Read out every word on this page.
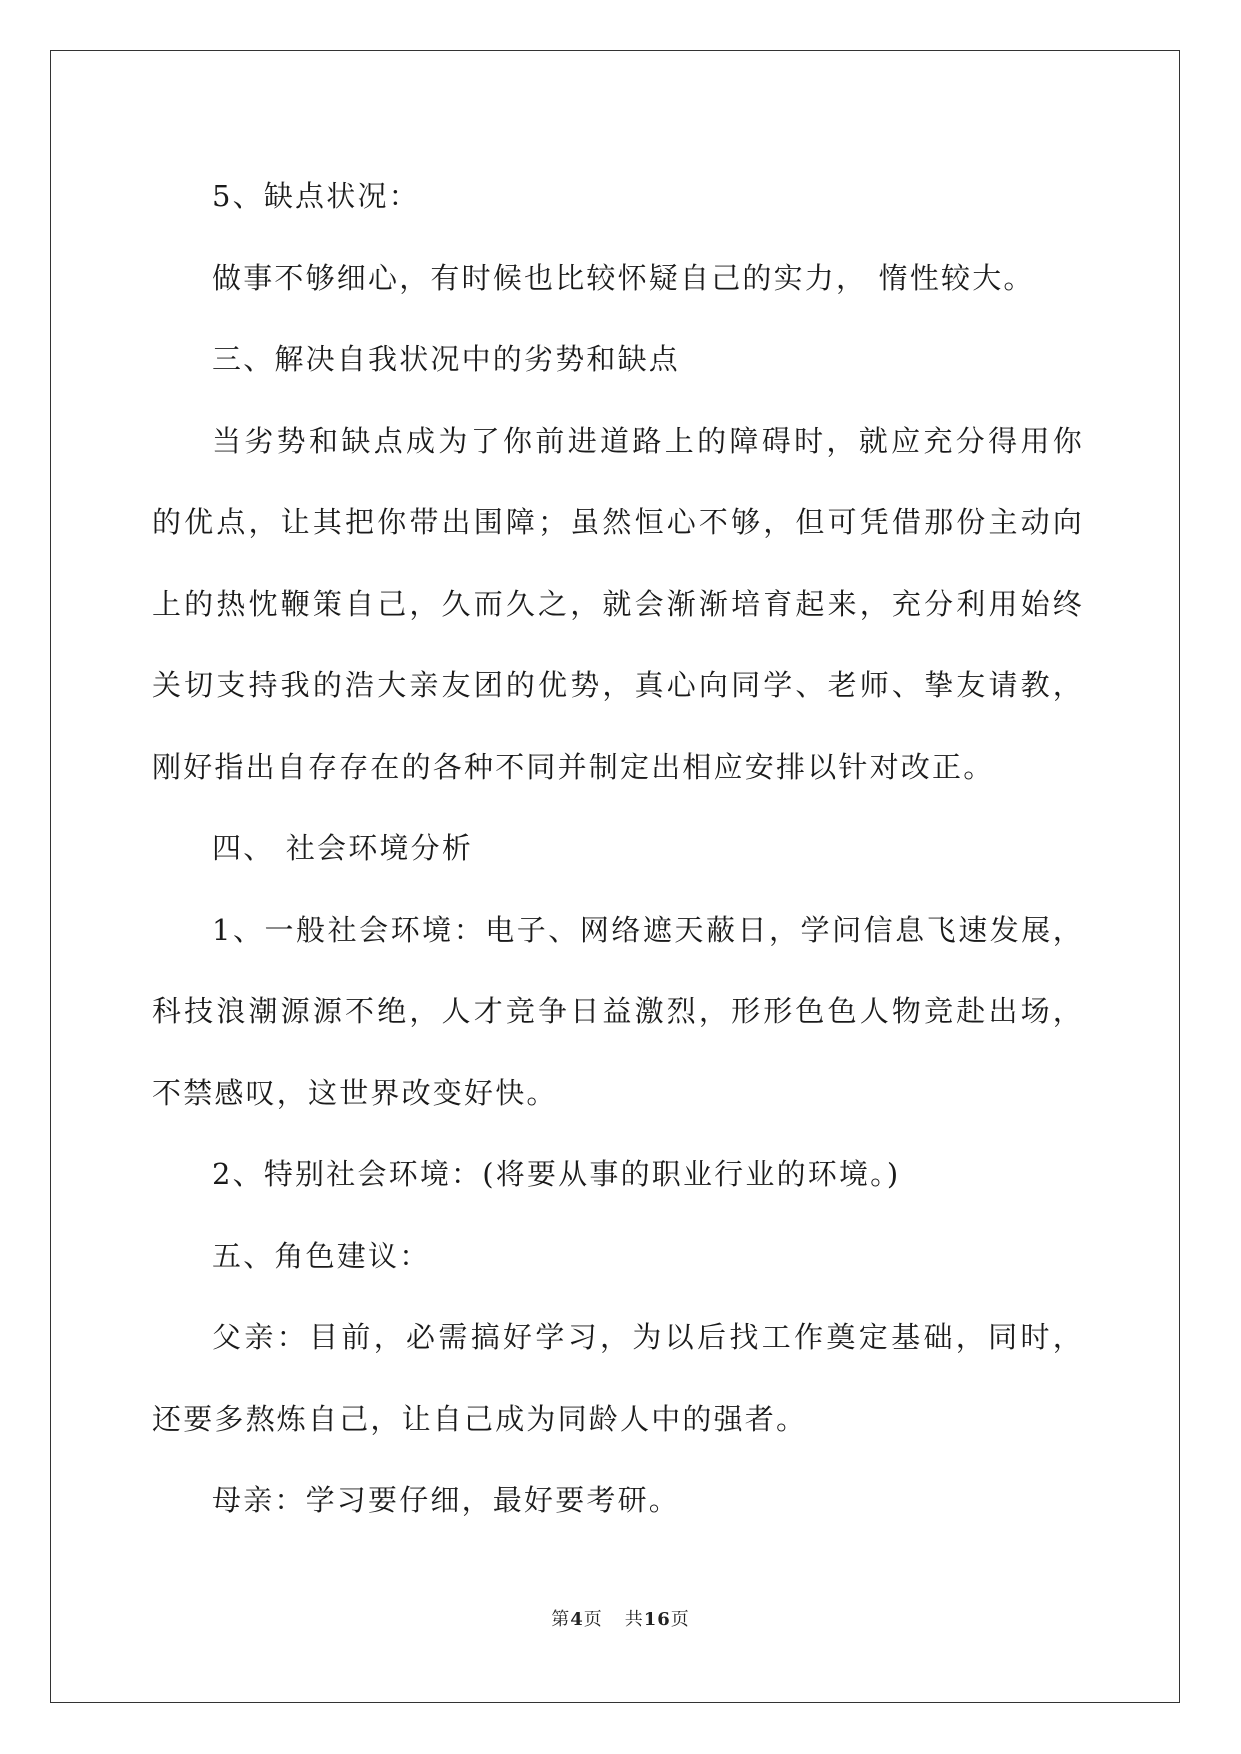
5、缺点状况：

做事不够细心，有时候也比较怀疑自己的实力， 惰性较大。

三、解决自我状况中的劣势和缺点

当劣势和缺点成为了你前进道路上的障碍时，就应充分得用你的优点，让其把你带出围障；虽然恒心不够，但可凭借那份主动向上的热忱鞭策自己，久而久之，就会渐渐培育起来，充分利用始终关切支持我的浩大亲友团的优势，真心向同学、老师、挚友请教，刚好指出自存存在的各种不同并制定出相应安排以针对改正。

四、 社会环境分析

1、一般社会环境：电子、网络遮天蔽日，学问信息飞速发展，科技浪潮源源不绝，人才竞争日益激烈，形形色色人物竞赴出场，不禁感叹，这世界改变好快。

2、特别社会环境：(将要从事的职业行业的环境。)

五、角色建议：

父亲：目前，必需搞好学习，为以后找工作奠定基础，同时，还要多熬炼自己，让自己成为同龄人中的强者。

母亲：学习要仔细，最好要考研。

第4页 共16页
